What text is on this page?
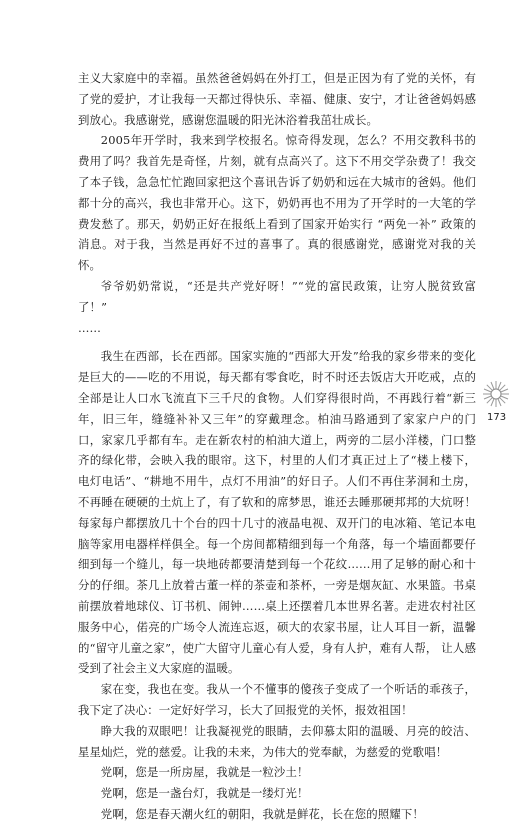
主义大家庭中的幸福。虽然爸爸妈妈在外打工，但是正因为有了党的关怀，有了党的爱护，才让我每一天都过得快乐、幸福、健康、安宁，才让爸爸妈妈感到放心。我感谢党，感谢您温暖的阳光沐浴着我茁壮成长。

2005年开学时，我来到学校报名。惊奇得发现，怎么？不用交教科书的费用了吗？我首先是奇怪，片刻，就有点高兴了。这下不用交学杂费了！我交了本子钱，急急忙忙跑回家把这个喜讯告诉了奶奶和远在大城市的爸妈。他们都十分的高兴，我也非常开心。这下，奶奶再也不用为了开学时的一大笔的学费发愁了。那天，奶奶正好在报纸上看到了国家开始实行 “两免一补” 政策的消息。对于我，当然是再好不过的喜事了。真的很感谢党，感谢党对我的关怀。

爷爷奶奶常说，“还是共产党好呀！”“党的富民政策，让穷人脱贫致富了！”

……

我生在西部，长在西部。国家实施的“西部大开发”给我的家乡带来的变化是巨大的——吃的不用说，每天都有零食吃，时不时还去饭店大开吃戒，点的全部是让人口水飞流直下三千尺的食物。人们穿得很时尚，不再践行着“新三年，旧三年，缝缝补补又三年”的穿戴理念。柏油马路通到了家家户户的门口，家家几乎都有车。走在新农村的柏油大道上，两旁的二层小洋楼，门口整齐的绿化带，会映入我的眼帘。这下，村里的人们才真正过上了“楼上楼下，电灯电话”、“耕地不用牛，点灯不用油”的好日子。人们不再住茅洞和土房，不再睡在硬硬的土炕上了，有了软和的席梦思，谁还去睡那硬邦邦的大炕呀！每家每户都摆放几十个台的四十几寸的液晶电视、双开门的电冰箱、笔记本电脑等家用电器样样俱全。每一个房间都精细到每一个角落，每一个墙面都要仔细到每一个缝儿，每一块地砖都要清楚到每一个花纹……用了足够的耐心和十分的仔细。茶几上放着古董一样的茶壶和茶杯，一旁是烟灰缸、水果篮。书桌前摆放着地球仪、订书机、闹钟……桌上还摆着几本世界名著。走进农村社区服务中心，偌亮的广场令人流连忘返，硕大的农家书屋，让人耳目一新，温馨的“留守儿童之家”，使广大留守儿童心有人爱，身有人护，难有人帮， 让人感受到了社会主义大家庭的温暖。

家在变，我也在变。我从一个不懂事的傻孩子变成了一个听话的乖孩子，我下定了决心：一定好好学习，长大了回报党的关怀，报效祖国！

睁大我的双眼吧！让我凝视党的眼睛，去仰慕太阳的温暖、月亮的皎洁、星星灿烂，党的慈爱。让我的未来，为伟大的党奉献，为慈爱的党歌唱！

党啊，您是一所房屋，我就是一粒沙土！

党啊，您是一盏台灯，我就是一缕灯光！

党啊，您是春天潮火红的朝阳，我就是鲜花，长在您的照耀下！

173
